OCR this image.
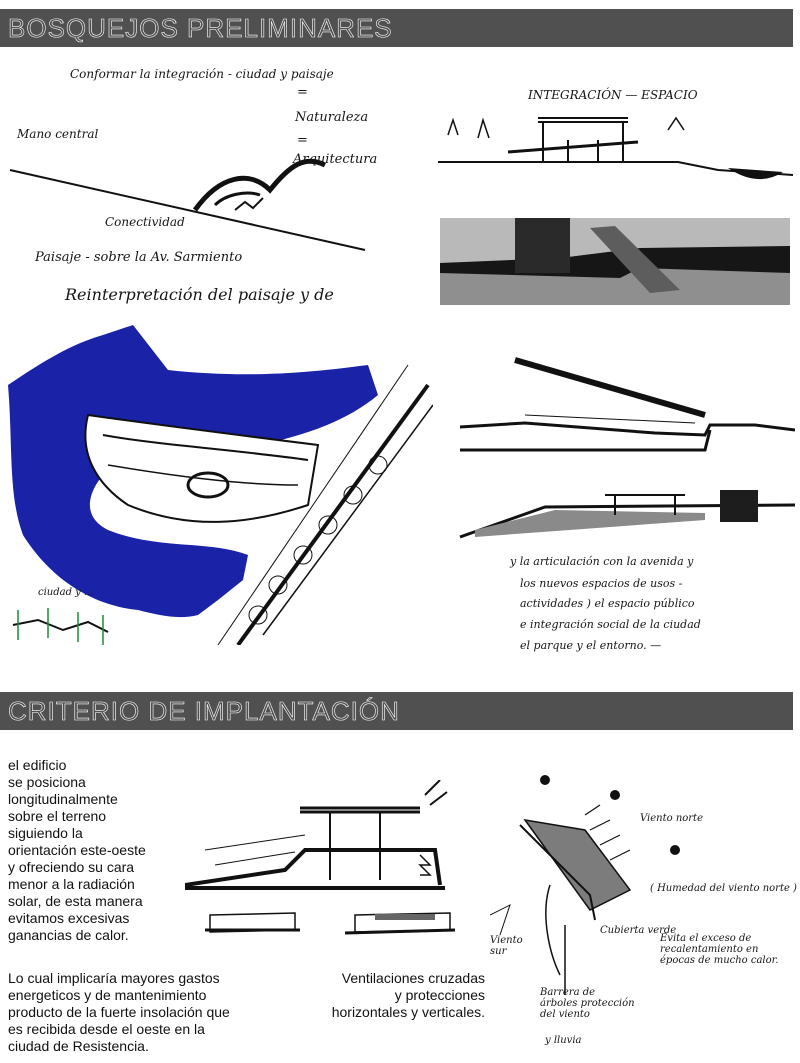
BOSQUEJOS PRELIMINARES
CRITERIO DE IMPLANTACIÓN
Conformar la integración - ciudad y paisaje
=
Naturaleza
=
Arquitectura
Mano central
Conectividad
Paisaje - sobre la Av. Sarmiento
Reinterpretación del paisaje y de
INTEGRACIÓN — ESPACIO
ciudad y ...
y la articulación con la avenida y
los nuevos espacios de usos -
actividades ) el espacio público
e integración social de la ciudad
el parque y el entorno. —
el edificio
se posiciona
longitudinalmente
sobre el terreno
siguiendo la
orientación este-oeste
y ofreciendo su cara
menor a la radiación
solar, de esta manera
evitamos excesivas
ganancias de calor.
Lo cual implicaría mayores gastos
energeticos y de mantenimiento
producto de la fuerte insolación que
es recibida desde el oeste en la
ciudad de Resistencia.
Ventilaciones cruzadas
y protecciones
horizontales y verticales.
Viento norte
( Humedad del viento norte )
Cubierta verde
Evita el exceso de recalentamiento en épocas de mucho calor.
Barrera de árboles protección del viento
Viento sur
y lluvia
